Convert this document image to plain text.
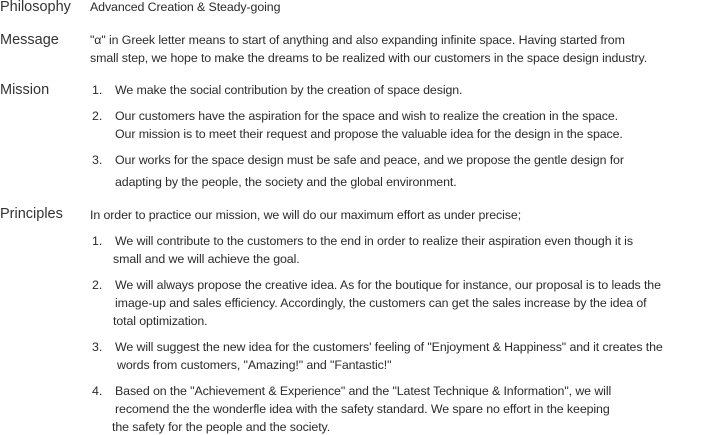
Philosophy Advanced Creation & Steady-going
Message	"α" in Greek letter means to start of anything and also expanding infinite space. Having started from
small step, we hope to make the dreams to be realized with our customers in the space design industry.
Mission	1. We make the social contribution by the creation of space design.
2. Our customers have the aspiration for the space and wish to realize the creation in the space.
Our mission is to meet their request and propose the valuable idea for the design in the space.
3. Our works for the space design must be safe and peace, and we propose the gentle design for
adapting by the people, the society and the global environment.
Principles In order to practice our mission, we will do our maximum effort as under precise;
1. We will contribute to the customers to the end in order to realize their aspiration even though it is
small and we will achieve the goal.
2. We will always propose the creative idea. As for the boutique for instance, our proposal is to leads the
image-up and sales efficiency. Accordingly, the customers can get the sales increase by the idea of
total optimization.
3. We will suggest the new idea for the customers' feeling of "Enjoyment & Happiness" and it creates the
words from customers, "Amazing!" and "Fantastic!"
4. Based on the "Achievement & Experience" and the "Latest Technique & Information", we will
recomend the the wonderfle idea with the safety standard. We spare no effort in the keeping
the safety for the people and the society.
